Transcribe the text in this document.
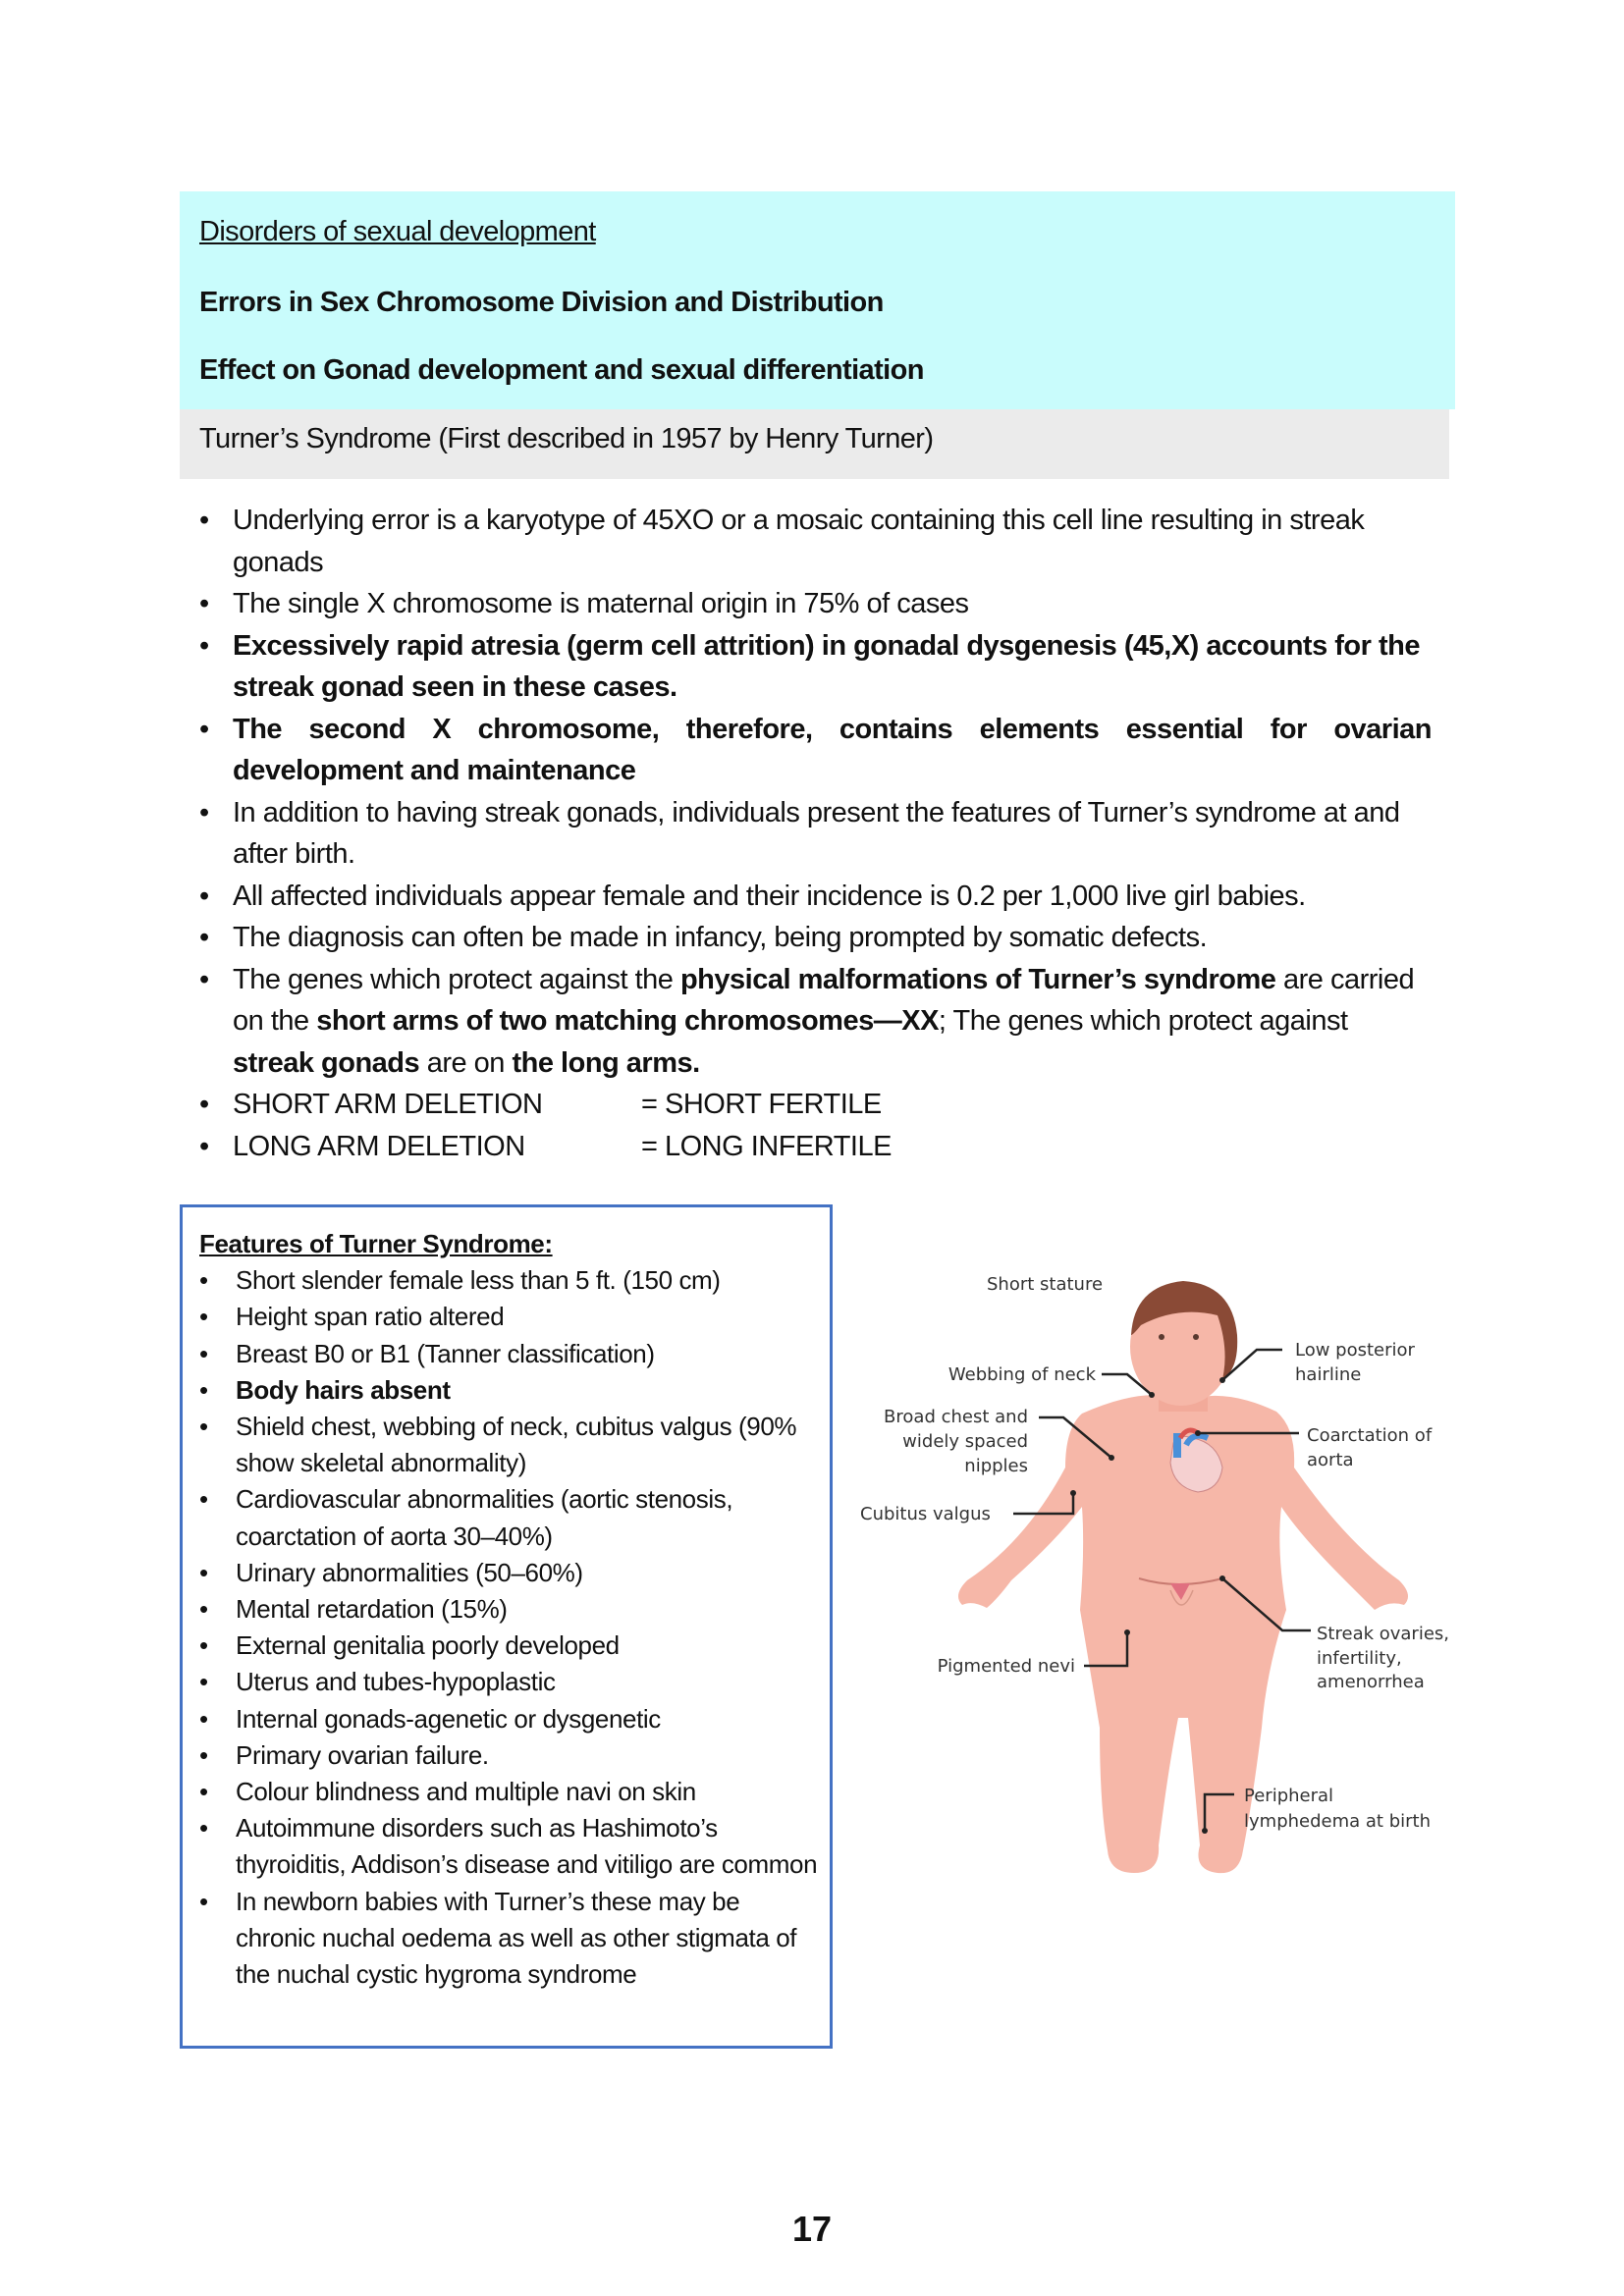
Disorders of sexual development
Errors in Sex Chromosome Division and Distribution
Effect on Gonad development and sexual differentiation
Turner’s Syndrome (First described in 1957 by Henry Turner)
• Underlying error is a karyotype of 45XO or a mosaic containing this cell line resulting in streak gonads
• The single X chromosome is maternal origin in 75% of cases
• Excessively rapid atresia (germ cell attrition) in gonadal dysgenesis (45,X) accounts for the streak gonad seen in these cases.
• The second X chromosome, therefore, contains elements essential for ovarian development and maintenance
• In addition to having streak gonads, individuals present the features of Turner’s syndrome at and after birth.
• All affected individuals appear female and their incidence is 0.2 per 1,000 live girl babies.
• The diagnosis can often be made in infancy, being prompted by somatic defects.
• The genes which protect against the physical malformations of Turner’s syndrome are carried on the short arms of two matching chromosomes—XX; The genes which protect against streak gonads are on the long arms.
• SHORT ARM DELETION	= SHORT FERTILE
• LONG ARM DELETION	= LONG INFERTILE
Features of Turner Syndrome:
• Short slender female less than 5 ft. (150 cm)
• Height span ratio altered
• Breast B0 or B1 (Tanner classification)
• Body hairs absent
• Shield chest, webbing of neck, cubitus valgus (90% show skeletal abnormality)
• Cardiovascular abnormalities (aortic stenosis, coarctation of aorta 30–40%)
• Urinary abnormalities (50–60%)
• Mental retardation (15%)
• External genitalia poorly developed
• Uterus and tubes-hypoplastic
• Internal gonads-agenetic or dysgenetic
• Primary ovarian failure.
• Colour blindness and multiple navi on skin
• Autoimmune disorders such as Hashimoto’s thyroiditis, Addison’s disease and vitiligo are common
• In newborn babies with Turner’s these may be chronic nuchal oedema as well as other stigmata of the nuchal cystic hygroma syndrome
Short stature
Webbing of neck
Low posterior
hairline
Broad chest and
widely spaced
nipples
Coarctation of
aorta
Cubitus valgus
Pigmented nevi
Streak ovaries,
infertility,
amenorrhea
Peripheral
lymphedema at birth
17
